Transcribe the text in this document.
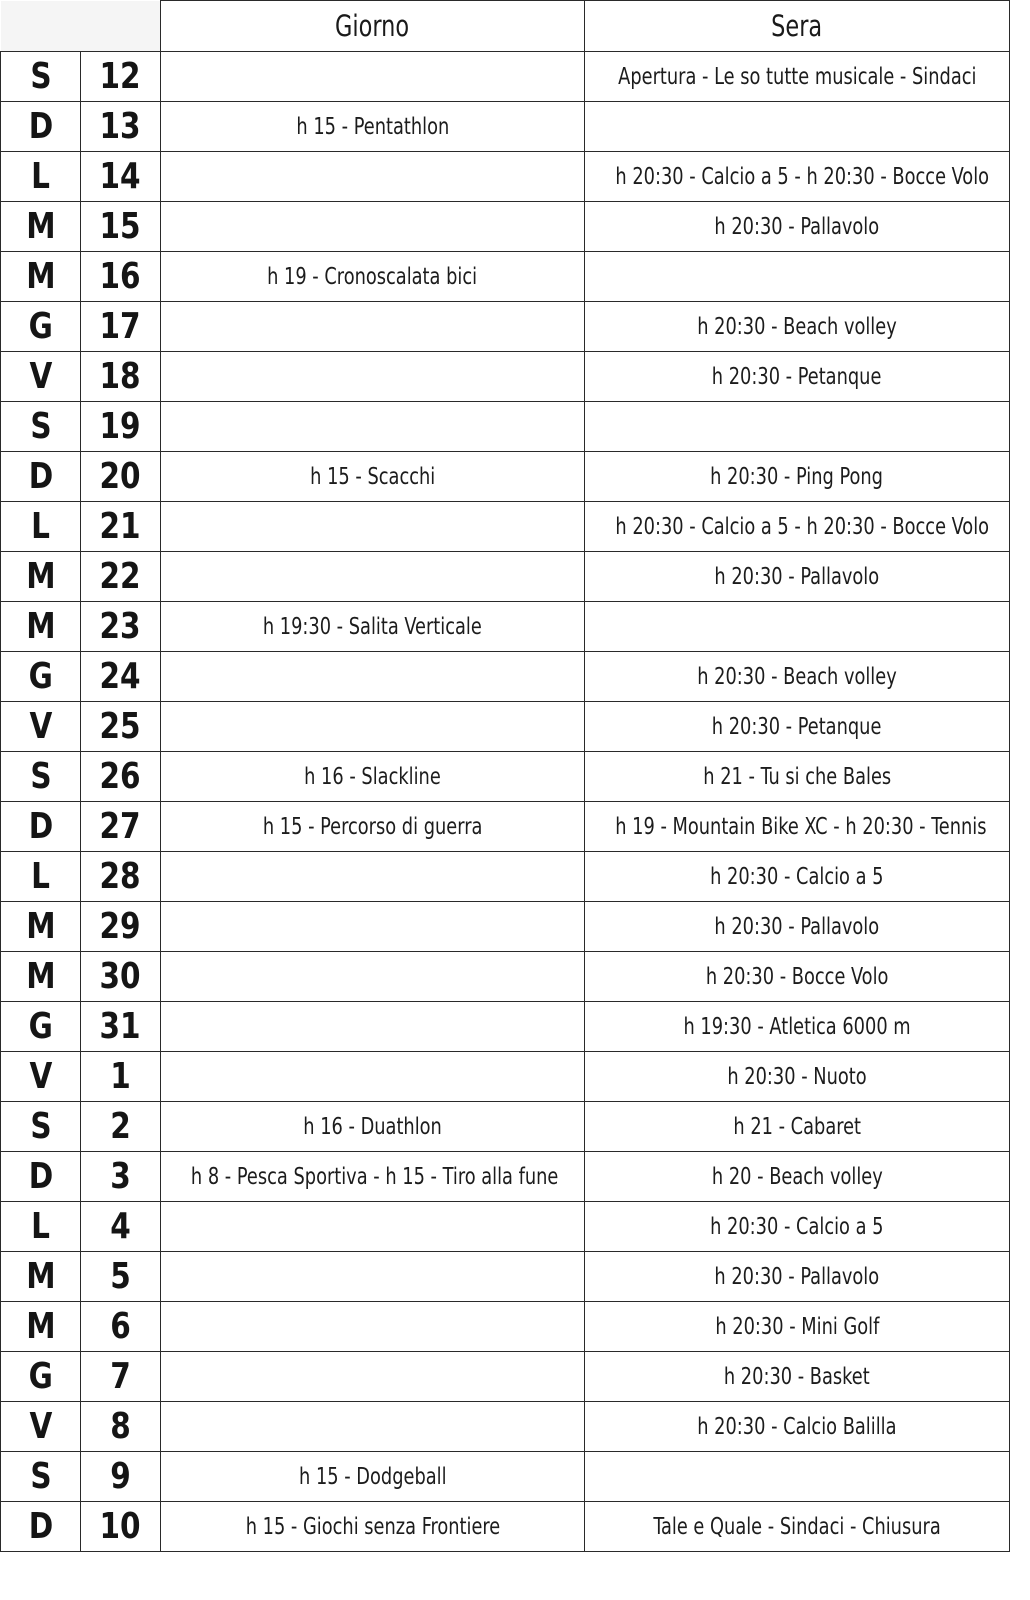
		Giorno	Sera
S	12		Apertura - Le so tutte musicale - Sindaci
D	13	h 15 - Pentathlon	
L	14		h 20:30 - Calcio a 5 - h 20:30 - Bocce Volo
M	15		h 20:30 - Pallavolo
M	16	h 19 - Cronoscalata bici	
G	17		h 20:30 - Beach volley
V	18		h 20:30 - Petanque
S	19		
D	20	h 15 - Scacchi	h 20:30 - Ping Pong
L	21		h 20:30 - Calcio a 5 - h 20:30 - Bocce Volo
M	22		h 20:30 - Pallavolo
M	23	h 19:30 - Salita Verticale	
G	24		h 20:30 - Beach volley
V	25		h 20:30 - Petanque
S	26	h 16 - Slackline	h 21 - Tu si che Bales
D	27	h 15 - Percorso di guerra	h 19 - Mountain Bike XC - h 20:30 - Tennis
L	28		h 20:30 - Calcio a 5
M	29		h 20:30 - Pallavolo
M	30		h 20:30 - Bocce Volo
G	31		h 19:30 - Atletica 6000 m
V	1		h 20:30 - Nuoto
S	2	h 16 - Duathlon	h 21 - Cabaret
D	3	h 8 - Pesca Sportiva - h 15 - Tiro alla fune	h 20 - Beach volley
L	4		h 20:30 - Calcio a 5
M	5		h 20:30 - Pallavolo
M	6		h 20:30 - Mini Golf
G	7		h 20:30 - Basket
V	8		h 20:30 - Calcio Balilla
S	9	h 15 - Dodgeball	
D	10	h 15 - Giochi senza Frontiere	Tale e Quale - Sindaci - Chiusura
